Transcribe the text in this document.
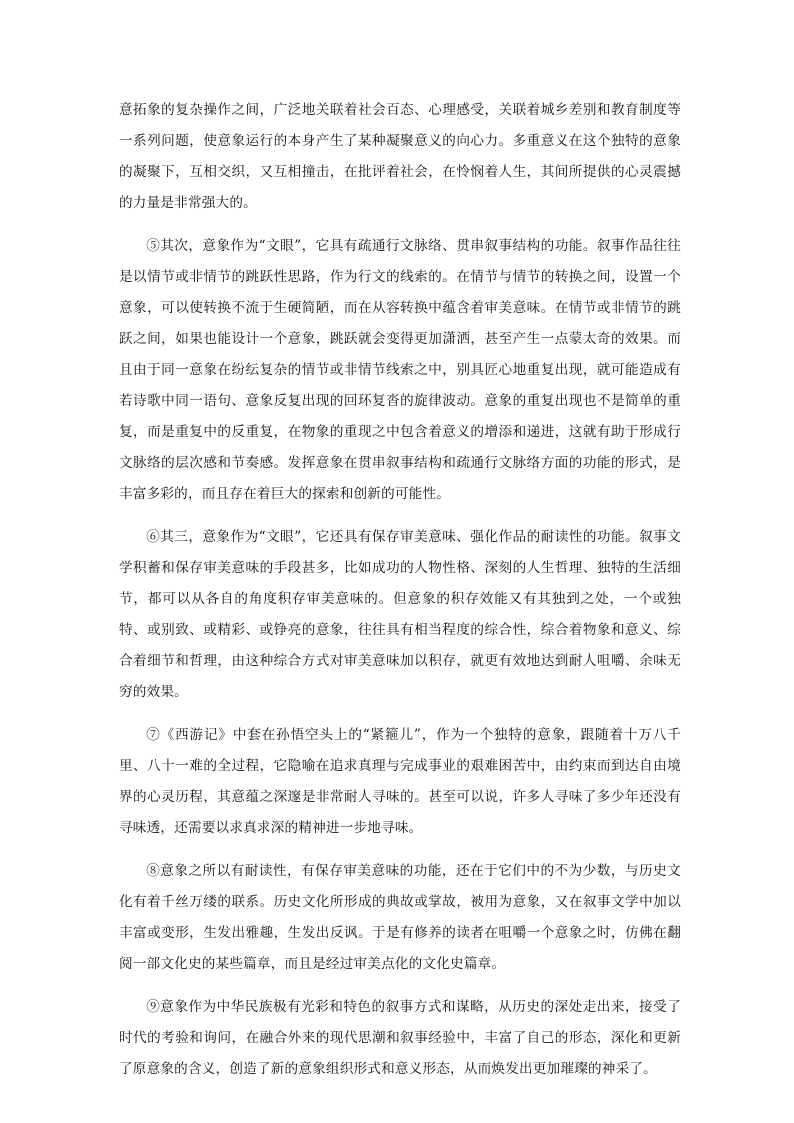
意拓象的复杂操作之间，广泛地关联着社会百态、心理感受，关联着城乡差别和教育制度等一系列问题，使意象运行的本身产生了某种凝聚意义的向心力。多重意义在这个独特的意象的凝聚下，互相交织，又互相撞击，在批评着社会，在怜悯着人生，其间所提供的心灵震撼的力量是非常强大的。

⑤其次，意象作为“文眼”，它具有疏通行文脉络、贯串叙事结构的功能。叙事作品往往是以情节或非情节的跳跃性思路，作为行文的线索的。在情节与情节的转换之间，设置一个意象，可以使转换不流于生硬简陋，而在从容转换中蕴含着审美意味。在情节或非情节的跳跃之间，如果也能设计一个意象，跳跃就会变得更加潇洒，甚至产生一点蒙太奇的效果。而且由于同一意象在纷纭复杂的情节或非情节线索之中，别具匠心地重复出现，就可能造成有若诗歌中同一语句、意象反复出现的回环复沓的旋律波动。意象的重复出现也不是简单的重复，而是重复中的反重复，在物象的重现之中包含着意义的增添和递进，这就有助于形成行文脉络的层次感和节奏感。发挥意象在贯串叙事结构和疏通行文脉络方面的功能的形式，是丰富多彩的，而且存在着巨大的探索和创新的可能性。

⑥其三，意象作为“文眼”，它还具有保存审美意味、强化作品的耐读性的功能。叙事文学积蓄和保存审美意味的手段甚多，比如成功的人物性格、深刻的人生哲理、独特的生活细节，都可以从各自的角度积存审美意味的。但意象的积存效能又有其独到之处，一个或独特、或别致、或精彩、或铮亮的意象，往往具有相当程度的综合性，综合着物象和意义、综合着细节和哲理，由这种综合方式对审美意味加以积存，就更有效地达到耐人咀嚼、余味无穷的效果。

⑦《西游记》中套在孙悟空头上的“紧箍儿”，作为一个独特的意象，跟随着十万八千里、八十一难的全过程，它隐喻在追求真理与完成事业的艰难困苦中，由约束而到达自由境界的心灵历程，其意蕴之深邃是非常耐人寻味的。甚至可以说，许多人寻味了多少年还没有寻味透，还需要以求真求深的精神进一步地寻味。

⑧意象之所以有耐读性，有保存审美意味的功能，还在于它们中的不为少数，与历史文化有着千丝万缕的联系。历史文化所形成的典故或掌故，被用为意象，又在叙事文学中加以丰富或变形，生发出雅趣，生发出反讽。于是有修养的读者在咀嚼一个意象之时，仿佛在翻阅一部文化史的某些篇章，而且是经过审美点化的文化史篇章。

⑨意象作为中华民族极有光彩和特色的叙事方式和谋略，从历史的深处走出来，接受了时代的考验和询问，在融合外来的现代思潮和叙事经验中，丰富了自己的形态，深化和更新了原意象的含义，创造了新的意象组织形式和意义形态，从而焕发出更加璀璨的神采了。
